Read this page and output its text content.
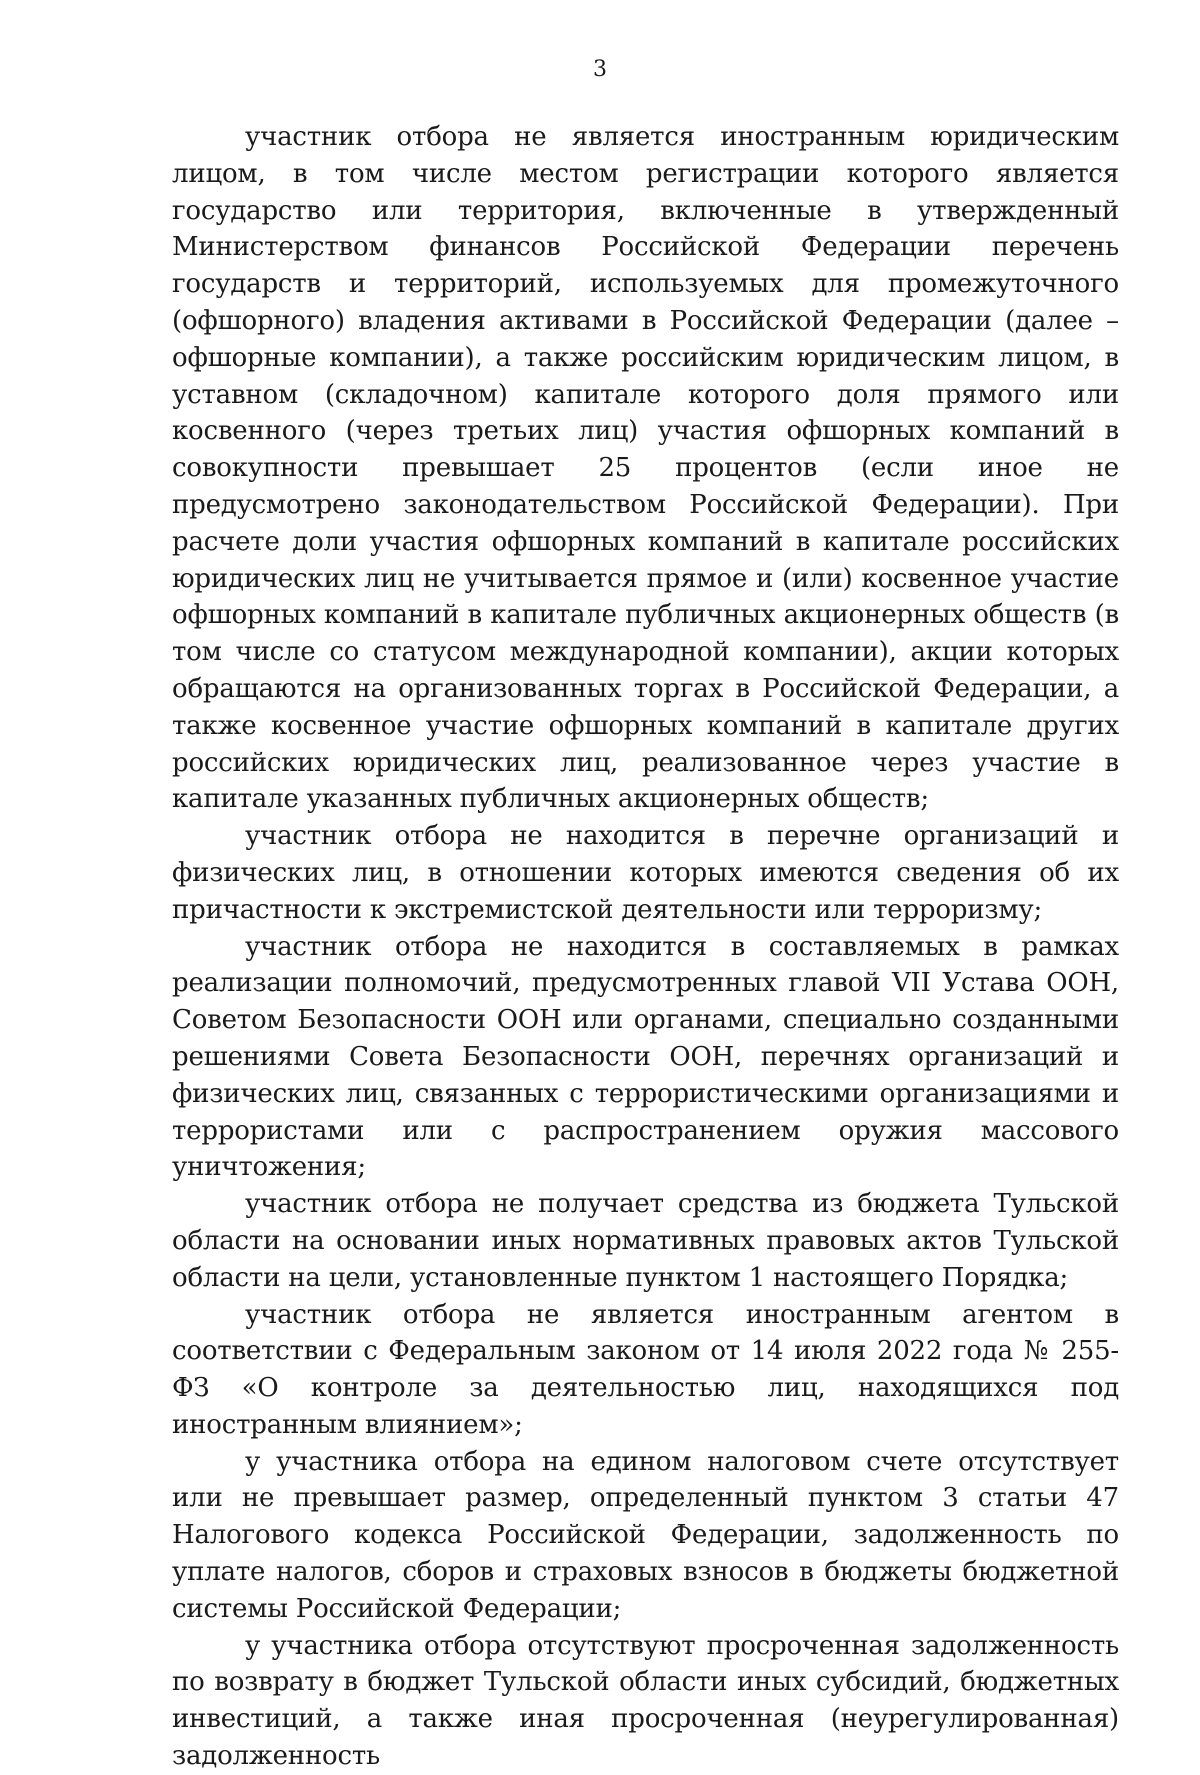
3

участник отбора не является иностранным юридическим лицом, в том числе местом регистрации которого является государство или территория, включенные в утвержденный Министерством финансов Российской Федерации перечень государств и территорий, используемых для промежуточного (офшорного) владения активами в Российской Федерации (далее – офшорные компании), а также российским юридическим лицом, в уставном (складочном) капитале которого доля прямого или косвенного (через третьих лиц) участия офшорных компаний в совокупности превышает 25 процентов (если иное не предусмотрено законодательством Российской Федерации). При расчете доли участия офшорных компаний в капитале российских юридических лиц не учитывается прямое и (или) косвенное участие офшорных компаний в капитале публичных акционерных обществ (в том числе со статусом международной компании), акции которых обращаются на организованных торгах в Российской Федерации, а также косвенное участие офшорных компаний в капитале других российских юридических лиц, реализованное через участие в капитале указанных публичных акционерных обществ;

участник отбора не находится в перечне организаций и физических лиц, в отношении которых имеются сведения об их причастности к экстремистской деятельности или терроризму;

участник отбора не находится в составляемых в рамках реализации полномочий, предусмотренных главой VII Устава ООН, Советом Безопасности ООН или органами, специально созданными решениями Совета Безопасности ООН, перечнях организаций и физических лиц, связанных с террористическими организациями и террористами или с распространением оружия массового уничтожения;

участник отбора не получает средства из бюджета Тульской области на основании иных нормативных правовых актов Тульской области на цели, установленные пунктом 1 настоящего Порядка;

участник отбора не является иностранным агентом в соответствии с Федеральным законом от 14 июля 2022 года № 255-ФЗ «О контроле за деятельностью лиц, находящихся под иностранным влиянием»;

у участника отбора на едином налоговом счете отсутствует или не превышает размер, определенный пунктом 3 статьи 47 Налогового кодекса Российской Федерации, задолженность по уплате налогов, сборов и страховых взносов в бюджеты бюджетной системы Российской Федерации;

у участника отбора отсутствуют просроченная задолженность по возврату в бюджет Тульской области иных субсидий, бюджетных инвестиций, а также иная просроченная (неурегулированная) задолженность
